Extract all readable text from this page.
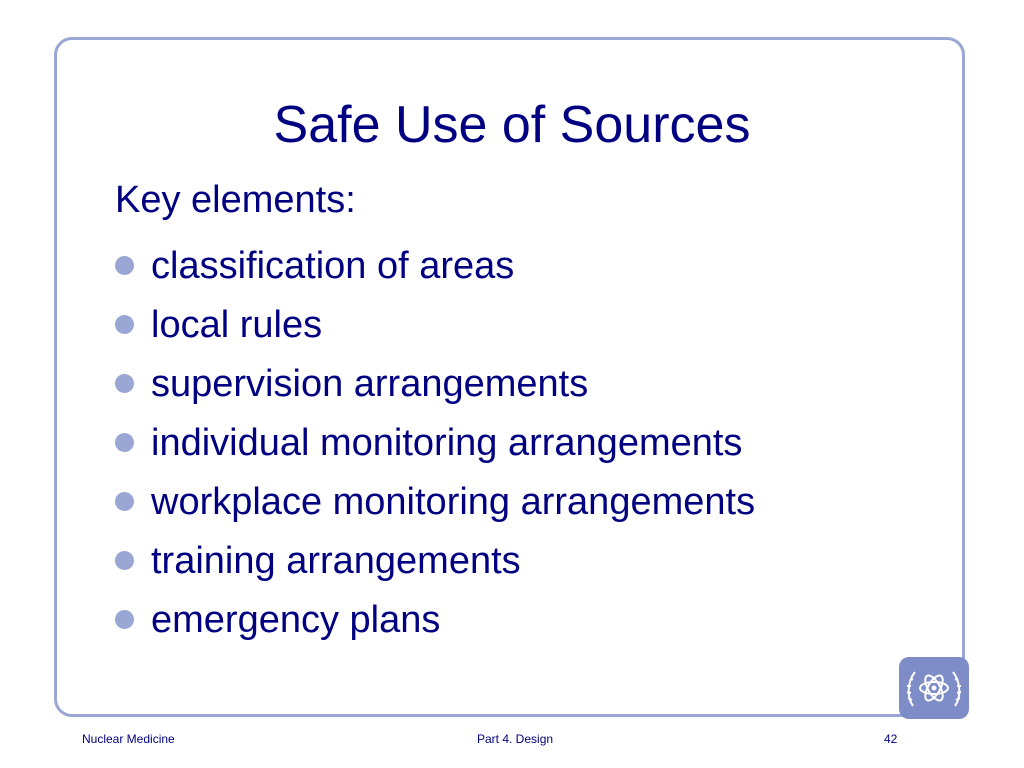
Safe Use of Sources
Key elements:
classification of areas
local rules
supervision arrangements
individual monitoring arrangements
workplace monitoring arrangements
training arrangements
emergency plans
Nuclear Medicine	Part 4. Design	42
